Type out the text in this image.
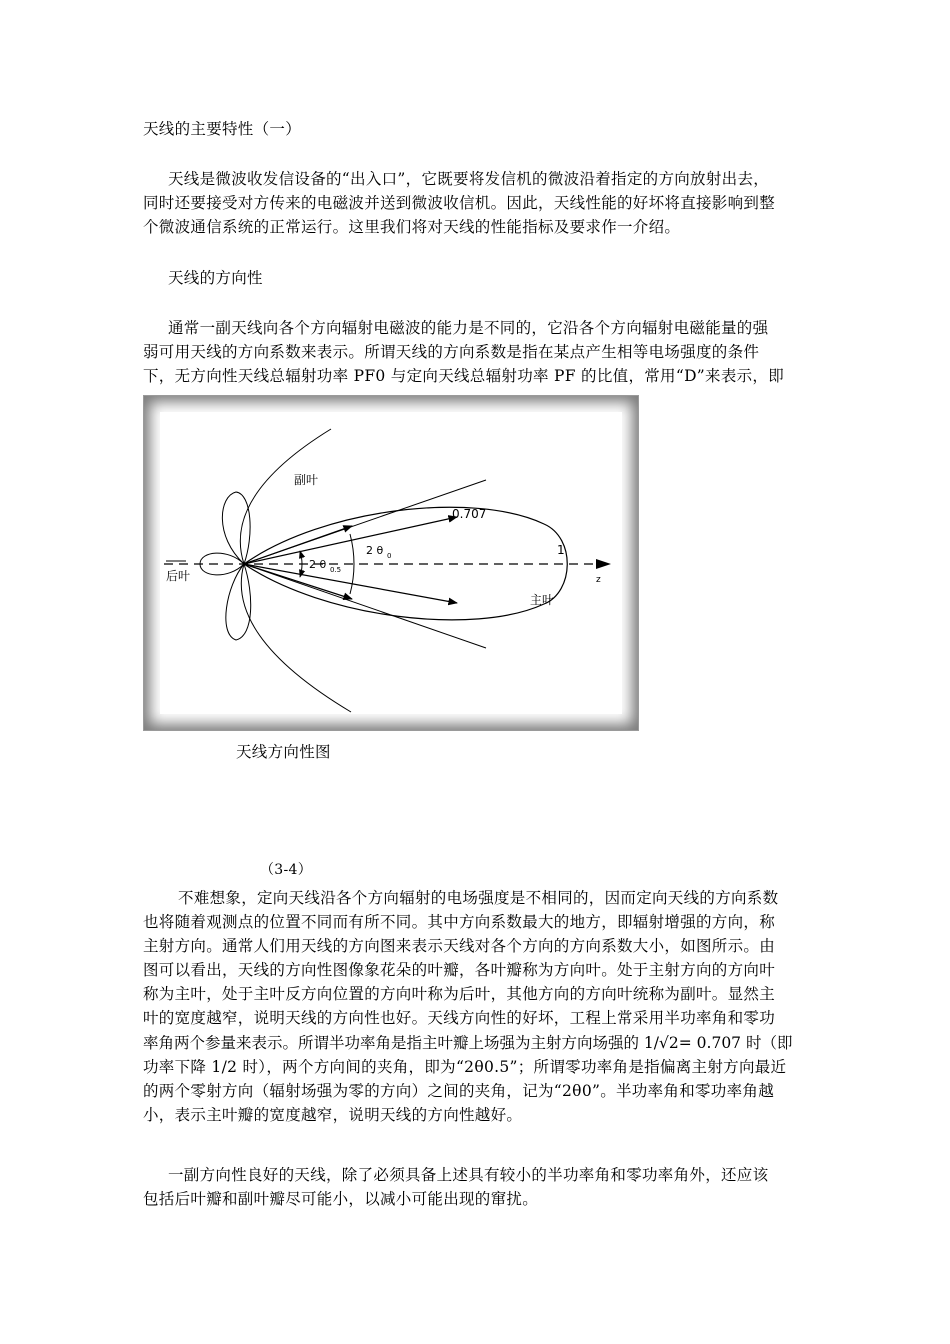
天线的主要特性（一）
天线是微波收发信设备的“出入口”，它既要将发信机的微波沿着指定的方向放射出去，
同时还要接受对方传来的电磁波并送到微波收信机。因此，天线性能的好坏将直接影响到整
个微波通信系统的正常运行。这里我们将对天线的性能指标及要求作一介绍。
天线的方向性
通常一副天线向各个方向辐射电磁波的能力是不同的，它沿各个方向辐射电磁能量的强
弱可用天线的方向系数来表示。所谓天线的方向系数是指在某点产生相等电场强度的条件
下，无方向性天线总辐射功率 PF0 与定向天线总辐射功率 PF 的比值，常用“D”来表示，即
副叶
后叶
主叶
0.707
1
z
2 θ 0.5
2 θ 0
天线方向性图
（3-4）
不难想象，定向天线沿各个方向辐射的电场强度是不相同的，因而定向天线的方向系数
也将随着观测点的位置不同而有所不同。其中方向系数最大的地方，即辐射增强的方向，称
主射方向。通常人们用天线的方向图来表示天线对各个方向的方向系数大小，如图所示。由
图可以看出，天线的方向性图像象花朵的叶瓣，各叶瓣称为方向叶。处于主射方向的方向叶
称为主叶，处于主叶反方向位置的方向叶称为后叶，其他方向的方向叶统称为副叶。显然主
叶的宽度越窄，说明天线的方向性也好。天线方向性的好坏，工程上常采用半功率角和零功
率角两个参量来表示。所谓半功率角是指主叶瓣上场强为主射方向场强的 1/√2= 0.707 时（即
功率下降 1/2 时），两个方向间的夹角，即为“2θ0.5”；所谓零功率角是指偏离主射方向最近
的两个零射方向（辐射场强为零的方向）之间的夹角，记为“2θ0”。半功率角和零功率角越
小，表示主叶瓣的宽度越窄，说明天线的方向性越好。
一副方向性良好的天线，除了必须具备上述具有较小的半功率角和零功率角外，还应该
包括后叶瓣和副叶瓣尽可能小，以减小可能出现的窜扰。
